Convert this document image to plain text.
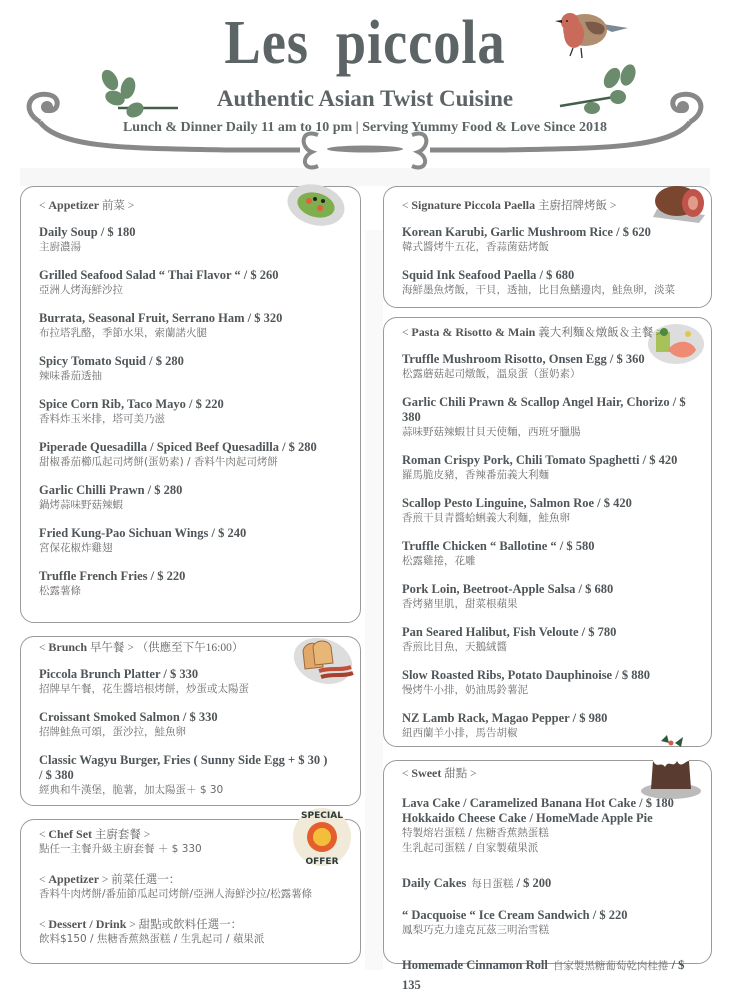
Les piccola
Authentic Asian Twist Cuisine
Lunch & Dinner Daily 11 am to 10 pm | Serving Yummy Food & Love Since 2018
< Appetizer 前菜 >
Daily Soup / $ 180
主廚濃湯
Grilled Seafood Salad “ Thai Flavor “ / $ 260
亞洲人烤海鮮沙拉
Burrata, Seasonal Fruit, Serrano Ham / $ 320
布拉塔乳酪，季節水果，索蘭諾火腿
Spicy Tomato Squid / $ 280
辣味番茄透抽
Spice Corn Rib, Taco Mayo / $ 220
香料炸玉米排，塔可美乃滋
Piperade Quesadilla / Spiced Beef Quesadilla / $ 280
甜椒番茄櫛瓜起司烤餅(蛋奶素) / 香料牛肉起司烤餅
Garlic Chilli Prawn / $ 280
鍋烤蒜味野菇辣蝦
Fried Kung-Pao Sichuan Wings / $ 240
宮保花椒炸雞翅
Truffle French Fries / $ 220
松露薯條
< Brunch 早午餐 > （供應至下午16:00）
Piccola Brunch Platter / $ 330
招牌早午餐，花生醬培根烤餅，炒蛋或太陽蛋
Croissant Smoked Salmon / $ 330
招牌鮭魚可頌，蛋沙拉，鮭魚卵
Classic Wagyu Burger, Fries ( Sunny Side Egg + $ 30 ) / $ 380
經典和牛漢堡，脆薯，加太陽蛋＋ $ 30
SPECIAL
OFFER
< Chef Set 主廚套餐 >
點任一主餐升級主廚套餐 ＋ $ 330
< Appetizer > 前菜任選一：
香料牛肉烤餅/番茄節瓜起司烤餅/亞洲人海鮮沙拉/松露薯條
< Dessert / Drink > 甜點或飲料任選一：
飲料$150 / 焦糖香蕉熱蛋糕 / 生乳起司 / 蘋果派
< Signature Piccola Paella 主廚招牌烤飯 >
Korean Karubi, Garlic Mushroom Rice / $ 620
韓式醬烤牛五花，香蒜菌菇烤飯
Squid Ink Seafood Paella / $ 680
海鮮墨魚烤飯，干貝，透抽，比目魚鰭邊肉，鮭魚卵，淡菜
< Pasta & Risotto & Main 義大利麵＆燉飯＆主餐 >
Truffle Mushroom Risotto, Onsen Egg / $ 360
松露蘑菇起司燉飯，溫泉蛋（蛋奶素）
Garlic Chili Prawn & Scallop Angel Hair, Chorizo / $ 380
蒜味野菇辣蝦甘貝天使麵，西班牙臘腸
Roman Crispy Pork, Chili Tomato Spaghetti / $ 420
羅馬脆皮豬，香辣番茄義大利麵
Scallop Pesto Linguine, Salmon Roe / $ 420
香煎干貝青醬蛤蜊義大利麵，鮭魚卵
Truffle Chicken “ Ballotine “ / $ 580
松露雞捲，花雕
Pork Loin, Beetroot-Apple Salsa / $ 680
香烤豬里肌，甜菜根蘋果
Pan Seared Halibut, Fish Veloute / $ 780
香煎比目魚，天鵝絨醬
Slow Roasted Ribs, Potato Dauphinoise / $ 880
慢烤牛小排，奶油馬鈴薯泥
NZ Lamb Rack, Magao Pepper / $ 980
紐西蘭羊小排，馬告胡椒
< Sweet 甜點 >
Lava Cake / Caramelized Banana Hot Cake / $ 180
Hokkaido Cheese Cake / HomeMade Apple Pie
特製熔岩蛋糕 / 焦糖香蕉熱蛋糕
生乳起司蛋糕 / 自家製蘋果派
Daily Cakes 每日蛋糕 / $ 200
“ Dacquoise “ Ice Cream Sandwich / $ 220
鳳梨巧克力達克瓦茲三明治雪糕
Homemade Cinnamon Roll 自家製黑糖葡萄乾肉桂捲 / $ 135
